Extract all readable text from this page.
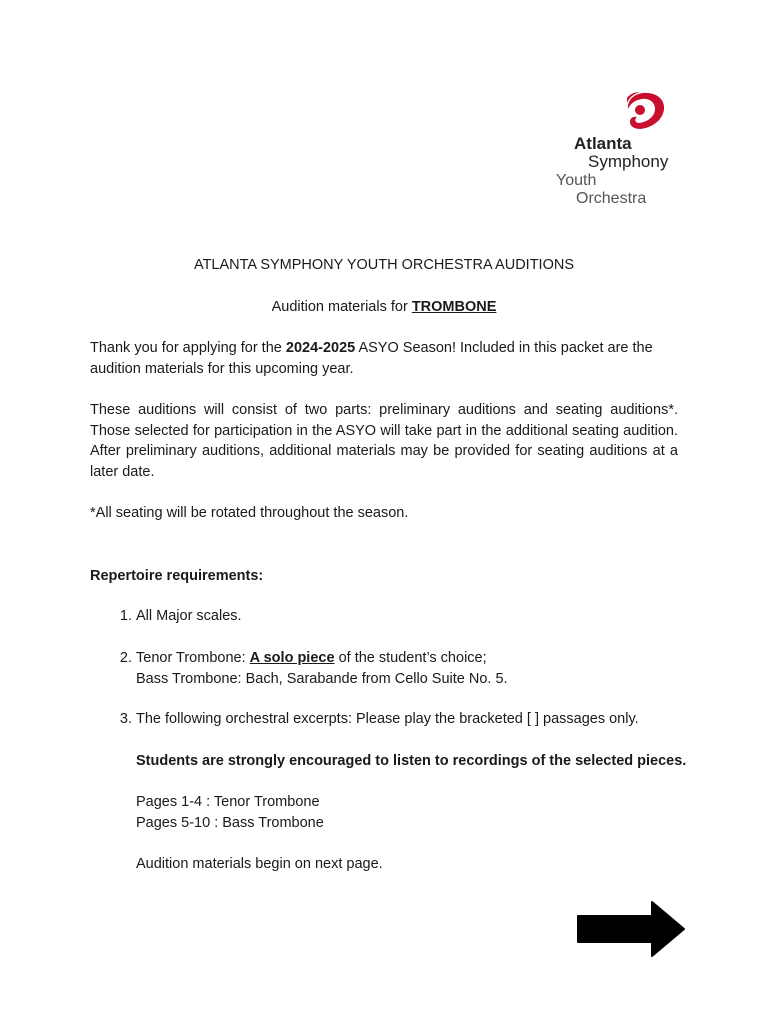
Atlanta
Symphony
Youth
Orchestra
ATLANTA SYMPHONY YOUTH ORCHESTRA AUDITIONS
Audition materials for TROMBONE

Thank you for applying for the 2024-2025 ASYO Season! Included in this packet are the audition materials for this upcoming year.

These auditions will consist of two parts: preliminary auditions and seating auditions*. Those selected for participation in the ASYO will take part in the additional seating audition. After preliminary auditions, additional materials may be provided for seating auditions at a later date.

*All seating will be rotated throughout the season.

Repertoire requirements:

1. All Major scales.
2. Tenor Trombone: A solo piece of the student’s choice;
Bass Trombone: Bach, Sarabande from Cello Suite No. 5.
3. The following orchestral excerpts: Please play the bracketed [ ] passages only.
Students are strongly encouraged to listen to recordings of the selected pieces.
Pages 1-4 : Tenor Trombone
Pages 5-10 : Bass Trombone
Audition materials begin on next page.
